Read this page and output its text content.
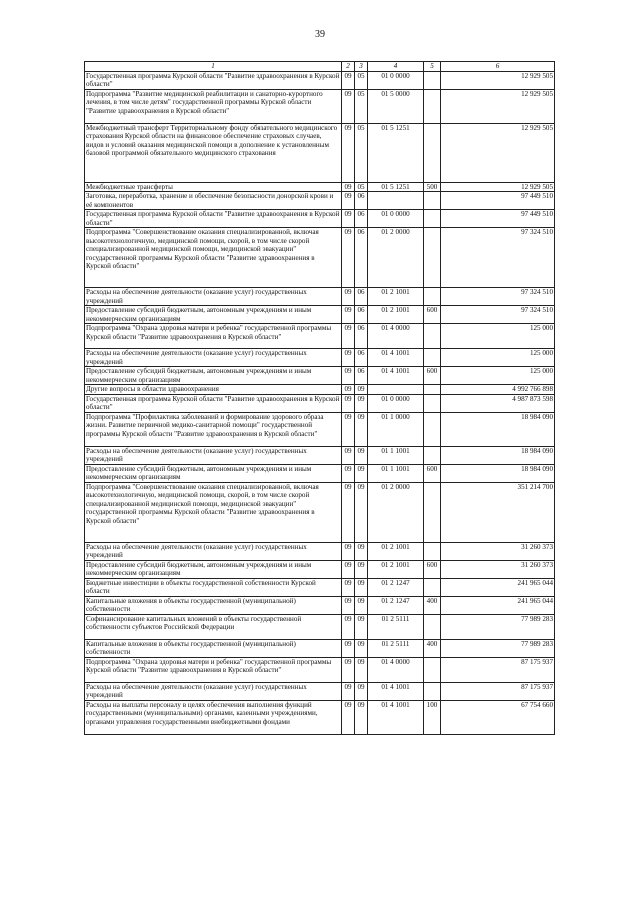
39
1	2	3	4	5	6
Государственная программа Курской области "Развитие здравоохранения в Курской области"	09	05	01 0 0000		12 929 505
Подпрограмма "Развитие медицинской реабилитации и санаторно-курортного лечения, в том числе детям" государственной программы Курской области "Развитие здравоохранения в Курской области"	09	05	01 5 0000		12 929 505
Межбюджетный трансферт Территориальному фонду обязательного медицинского страхования Курской области на финансовое обеспечение страховых случаев, видов и условий оказания медицинской помощи в дополнение к установленным базовой программой обязательного медицинского страхования	09	05	01 5 1251		12 929 505
Межбюджетные трансферты	09	05	01 5 1251	500	12 929 505
Заготовка, переработка, хранение и обеспечение безопасности донорской крови и её компонентов	09	06			97 449 510
Государственная программа Курской области "Развитие здравоохранения в Курской области"	09	06	01 0 0000		97 449 510
Подпрограмма "Совершенствование оказания специализированной, включая высокотехнологичную, медицинской помощи, скорой, в том числе скорой специализированной медицинской помощи, медицинской эвакуации" государственной программы Курской области "Развитие здравоохранения в Курской области"	09	06	01 2 0000		97 324 510
Расходы на обеспечение деятельности (оказание услуг) государственных учреждений	09	06	01 2 1001		97 324 510
Предоставление субсидий бюджетным, автономным учреждениям и иным некоммерческим организациям	09	06	01 2 1001	600	97 324 510
Подпрограмма "Охрана здоровья матери и ребенка" государственной программы Курской области "Развитие здравоохранения в Курской области"	09	06	01 4 0000		125 000
Расходы на обеспечение деятельности (оказание услуг) государственных учреждений	09	06	01 4 1001		125 000
Предоставление субсидий бюджетным, автономным учреждениям и иным некоммерческим организациям	09	06	01 4 1001	600	125 000
Другие вопросы в области здравоохранения	09	09			4 992 766 898
Государственная программа Курской области "Развитие здравоохранения в Курской области"	09	09	01 0 0000		4 987 873 598
Подпрограмма "Профилактика заболеваний и формирование здорового образа жизни. Развитие первичной медико-санитарной помощи" государственной программы Курской области "Развитие здравоохранения в Курской области"	09	09	01 1 0000		18 984 090
Расходы на обеспечение деятельности (оказание услуг) государственных учреждений	09	09	01 1 1001		18 984 090
Предоставление субсидий бюджетным, автономным учреждениям и иным некоммерческим организациям	09	09	01 1 1001	600	18 984 090
Подпрограмма "Совершенствование оказания специализированной, включая высокотехнологичную, медицинской помощи, скорой, в том числе скорой специализированной медицинской помощи, медицинской эвакуации" государственной программы Курской области "Развитие здравоохранения в Курской области"	09	09	01 2 0000		351 214 700
Расходы на обеспечение деятельности (оказание услуг) государственных учреждений	09	09	01 2 1001		31 260 373
Предоставление субсидий бюджетным, автономным учреждениям и иным некоммерческим организациям	09	09	01 2 1001	600	31 260 373
Бюджетные инвестиции в объекты государственной собственности Курской области	09	09	01 2 1247		241 965 044
Капитальные вложения в объекты государственной (муниципальной) собственности	09	09	01 2 1247	400	241 965 044
Софинансирование капитальных вложений в объекты государственной собственности субъектов Российской Федерации	09	09	01 2 5111		77 989 283
Капитальные вложения в объекты государственной (муниципальной) собственности	09	09	01 2 5111	400	77 989 283
Подпрограмма "Охрана здоровья матери и ребенка" государственной программы Курской области "Развитие здравоохранения в Курской области"	09	09	01 4 0000		87 175 937
Расходы на обеспечение деятельности (оказание услуг) государственных учреждений	09	09	01 4 1001		87 175 937
Расходы на выплаты персоналу в целях обеспечения выполнения функций государственными (муниципальными) органами, казенными учреждениями, органами управления государственными внебюджетными фондами	09	09	01 4 1001	100	67 754 660
